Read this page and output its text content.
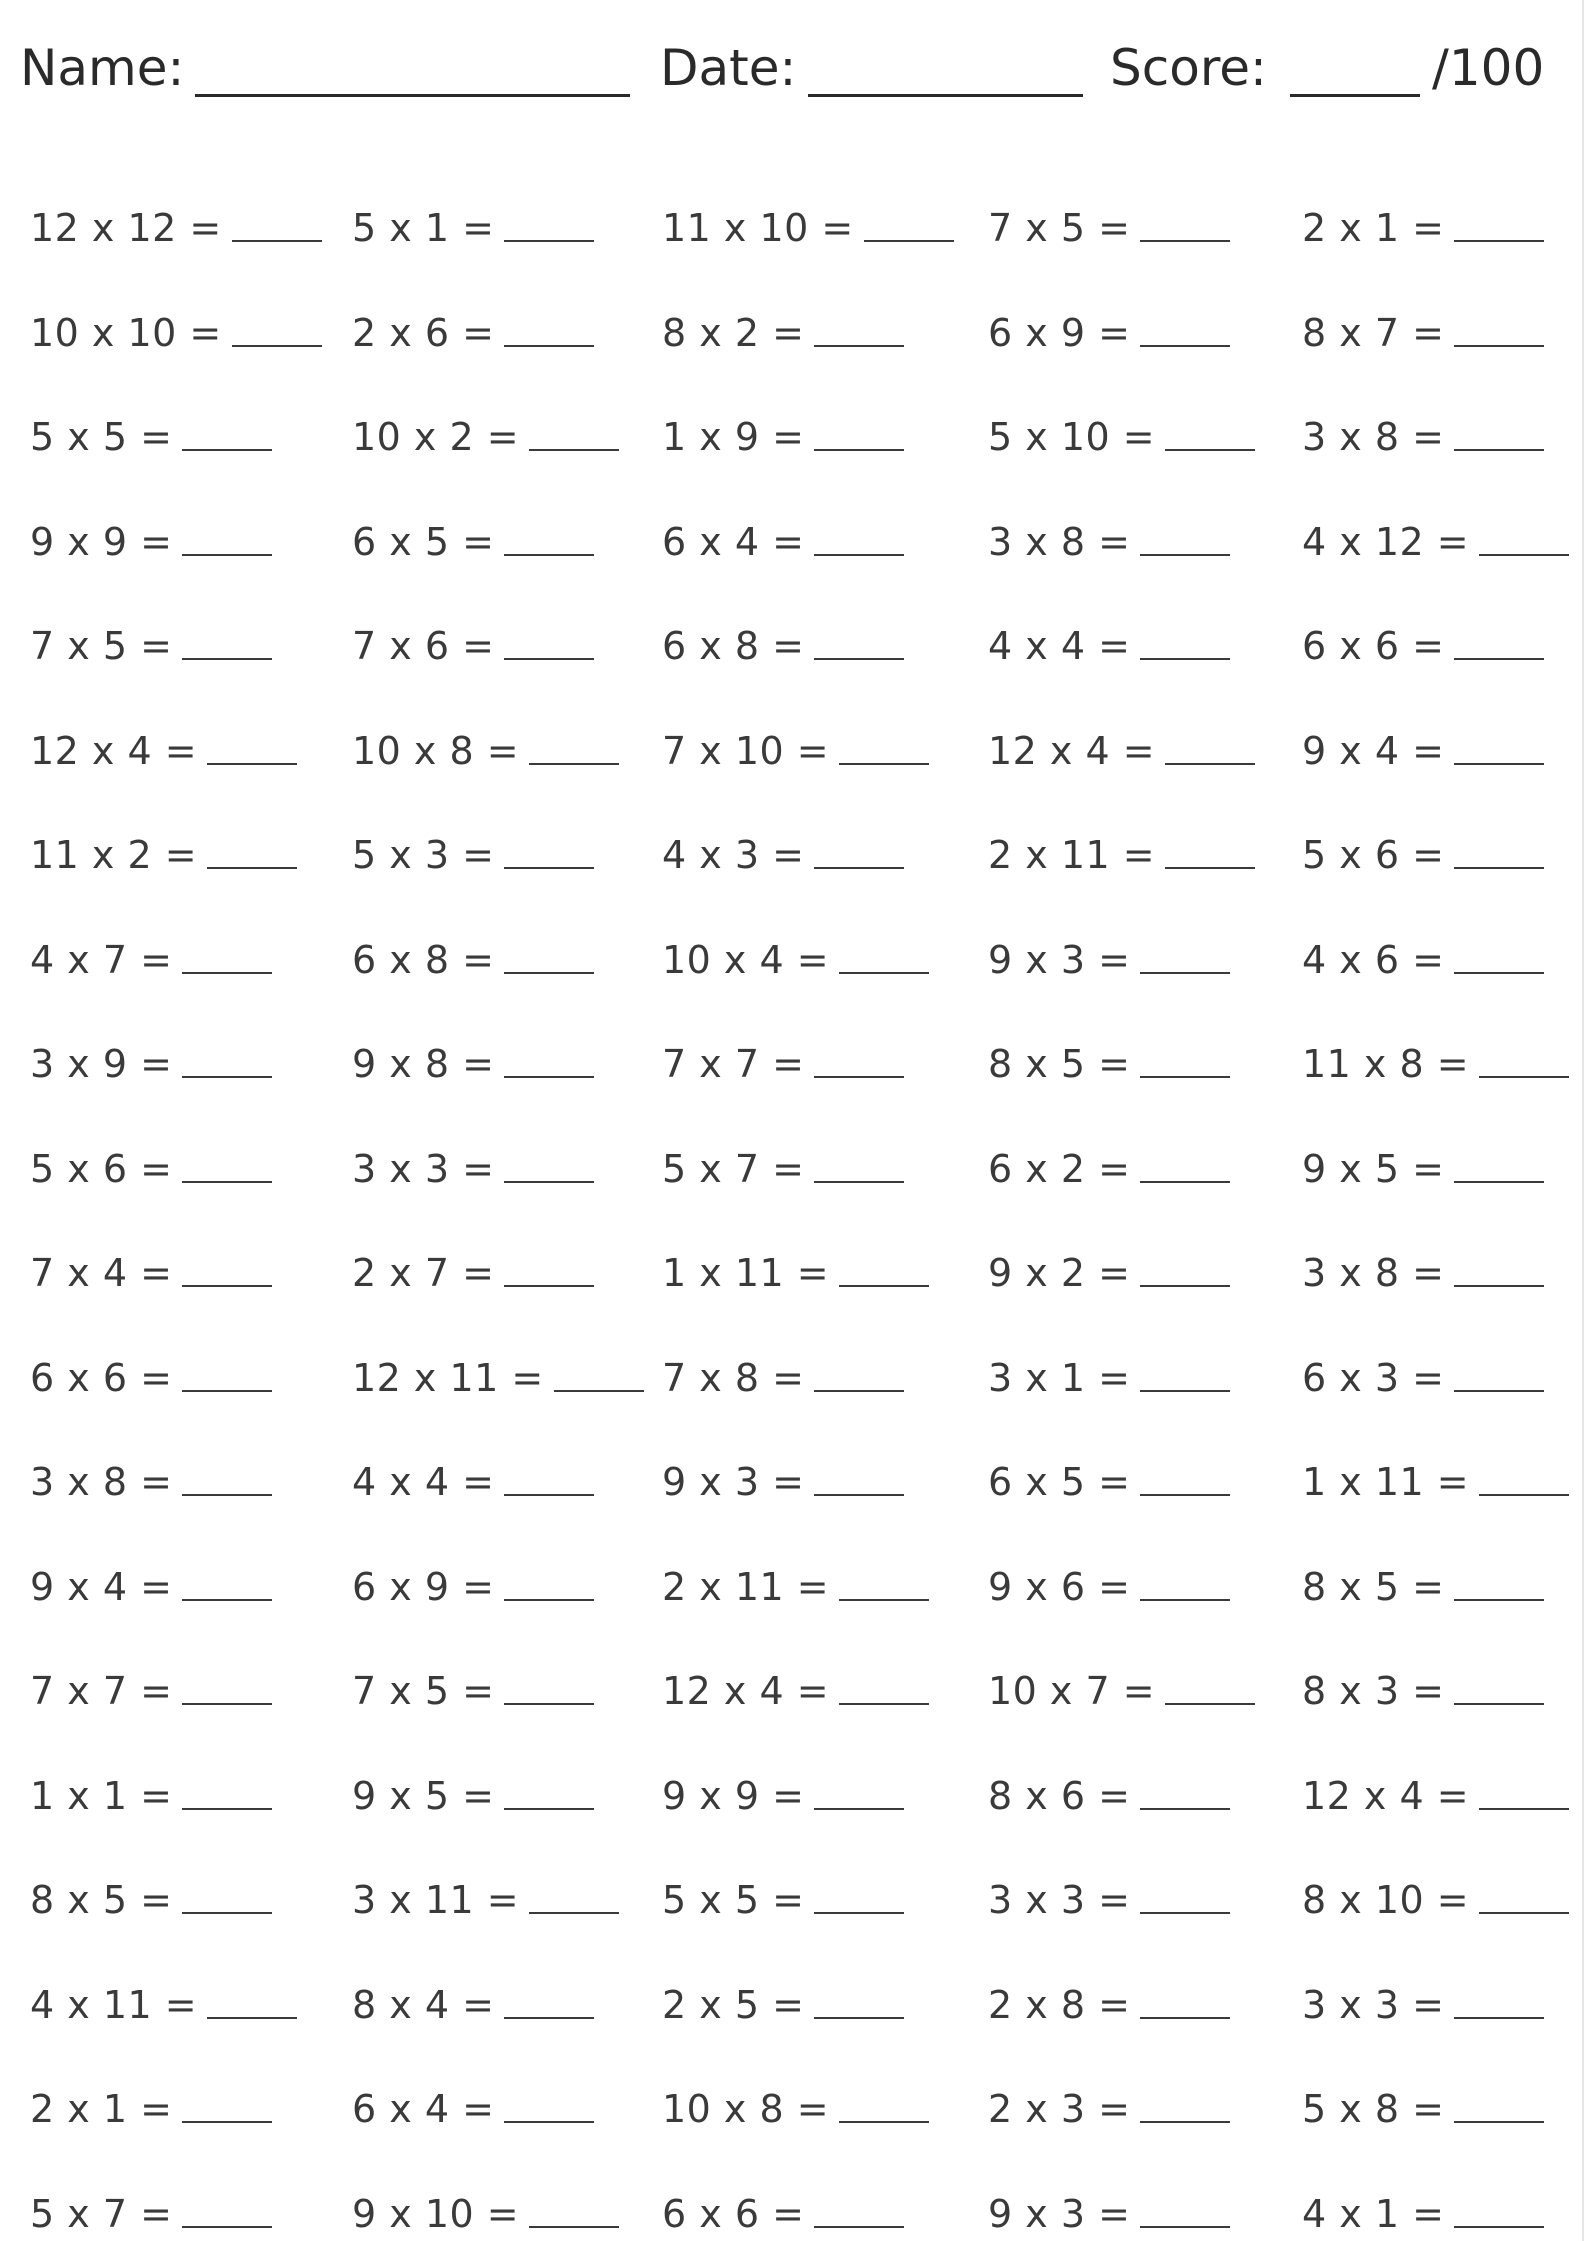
Name:	Date:	Score:	/100
12 x 12 =	5 x 1 =	11 x 10 =	7 x 5 =	2 x 1 =
10 x 10 =	2 x 6 =	8 x 2 =	6 x 9 =	8 x 7 =
5 x 5 =	10 x 2 =	1 x 9 =	5 x 10 =	3 x 8 =
9 x 9 =	6 x 5 =	6 x 4 =	3 x 8 =	4 x 12 =
7 x 5 =	7 x 6 =	6 x 8 =	4 x 4 =	6 x 6 =
12 x 4 =	10 x 8 =	7 x 10 =	12 x 4 =	9 x 4 =
11 x 2 =	5 x 3 =	4 x 3 =	2 x 11 =	5 x 6 =
4 x 7 =	6 x 8 =	10 x 4 =	9 x 3 =	4 x 6 =
3 x 9 =	9 x 8 =	7 x 7 =	8 x 5 =	11 x 8 =
5 x 6 =	3 x 3 =	5 x 7 =	6 x 2 =	9 x 5 =
7 x 4 =	2 x 7 =	1 x 11 =	9 x 2 =	3 x 8 =
6 x 6 =	12 x 11 =	7 x 8 =	3 x 1 =	6 x 3 =
3 x 8 =	4 x 4 =	9 x 3 =	6 x 5 =	1 x 11 =
9 x 4 =	6 x 9 =	2 x 11 =	9 x 6 =	8 x 5 =
7 x 7 =	7 x 5 =	12 x 4 =	10 x 7 =	8 x 3 =
1 x 1 =	9 x 5 =	9 x 9 =	8 x 6 =	12 x 4 =
8 x 5 =	3 x 11 =	5 x 5 =	3 x 3 =	8 x 10 =
4 x 11 =	8 x 4 =	2 x 5 =	2 x 8 =	3 x 3 =
2 x 1 =	6 x 4 =	10 x 8 =	2 x 3 =	5 x 8 =
5 x 7 =	9 x 10 =	6 x 6 =	9 x 3 =	4 x 1 =
